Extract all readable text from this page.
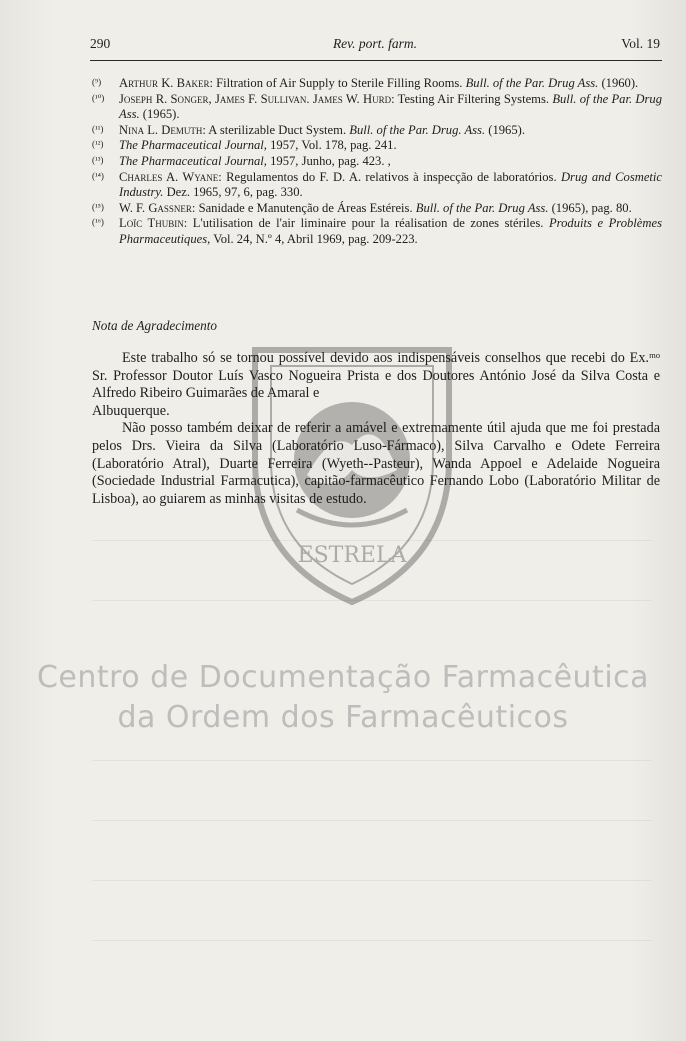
290	Rev. port. farm.	Vol. 19
(⁹) Arthur K. Baker: Filtration of Air Supply to Sterile Filling Rooms. Bull. of the Par. Drug Ass. (1960).
(¹⁰) Joseph R. Songer, James F. Sullivan. James W. Hurd: Testing Air Filtering Systems. Bull. of the Par. Drug Ass. (1965).
(¹¹) Nina L. Demuth: A sterilizable Duct System. Bull. of the Par. Drug. Ass. (1965).
(¹²) The Pharmaceutical Journal, 1957, Vol. 178, pag. 241.
(¹³) The Pharmaceutical Journal, 1957, Junho, pag. 423. ,
(¹⁴) Charles A. Wyane: Regulamentos do F. D. A. relativos à inspecção de laboratórios. Drug and Cosmetic Industry. Dez. 1965, 97, 6, pag. 330.
(¹⁵) W. F. Gassner: Sanidade e Manutenção de Áreas Estéreis. Bull. of the Par. Drug Ass. (1965), pag. 80.
(¹⁶) Loïc Thubin: L'utilisation de l'air liminaire pour la réalisation de zones stériles. Produits e Problèmes Pharmaceutiques, Vol. 24, N.º 4, Abril 1969, pag. 209-223.
Nota de Agradecimento
ESTRELA

Este trabalho só se tornou possível devido aos indispensáveis conselhos que recebi do Ex.ᵐᵒ Sr. Professor Doutor Luís Vasco Nogueira Prista e dos Doutores António José da Silva Costa e Alfredo Ribeiro Guimarães de Amaral e

Albuquerque.

Não posso também deixar de referir a amável e extremamente útil ajuda que me foi prestada pelos Drs. Vieira da Silva (Laboratório Luso-Fármaco), Silva Carvalho e Odete Ferreira (Laboratório Atral), Duarte Ferreira (Wyeth--Pasteur), Wanda Appoel e Adelaide Nogueira (Sociedade Industrial Farmacutica), capitão-farmacêutico Fernando Lobo (Laboratório Militar de Lisboa), ao guiarem as minhas visitas de estudo.

Centro de Documentação Farmacêutica
da Ordem dos Farmacêuticos
